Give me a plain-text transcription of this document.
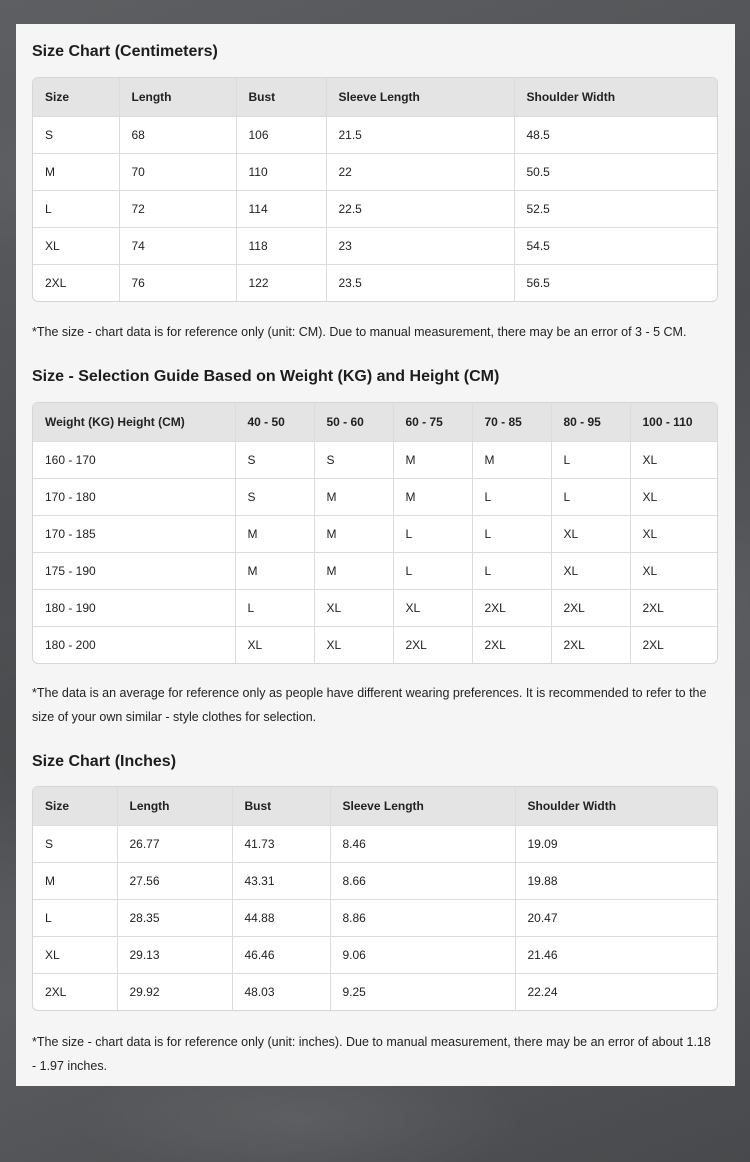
Size Chart (Centimeters)
Size	Length	Bust	Sleeve Length	Shoulder Width
S	68	106	21.5	48.5
M	70	110	22	50.5
L	72	114	22.5	52.5
XL	74	118	23	54.5
2XL	76	122	23.5	56.5

*The size - chart data is for reference only (unit: CM). Due to manual measurement, there may be an error of 3 - 5 CM.

Size - Selection Guide Based on Weight (KG) and Height (CM)
Weight (KG) Height (CM)	40 - 50	50 - 60	60 - 75	70 - 85	80 - 95	100 - 110
160 - 170	S	S	M	M	L	XL
170 - 180	S	M	M	L	L	XL
170 - 185	M	M	L	L	XL	XL
175 - 190	M	M	L	L	XL	XL
180 - 190	L	XL	XL	2XL	2XL	2XL
180 - 200	XL	XL	2XL	2XL	2XL	2XL

*The data is an average for reference only as people have different wearing preferences. It is recommended to refer to the size of your own similar - style clothes for selection.

Size Chart (Inches)
Size	Length	Bust	Sleeve Length	Shoulder Width
S	26.77	41.73	8.46	19.09
M	27.56	43.31	8.66	19.88
L	28.35	44.88	8.86	20.47
XL	29.13	46.46	9.06	21.46
2XL	29.92	48.03	9.25	22.24

*The size - chart data is for reference only (unit: inches). Due to manual measurement, there may be an error of about 1.18 - 1.97 inches.
